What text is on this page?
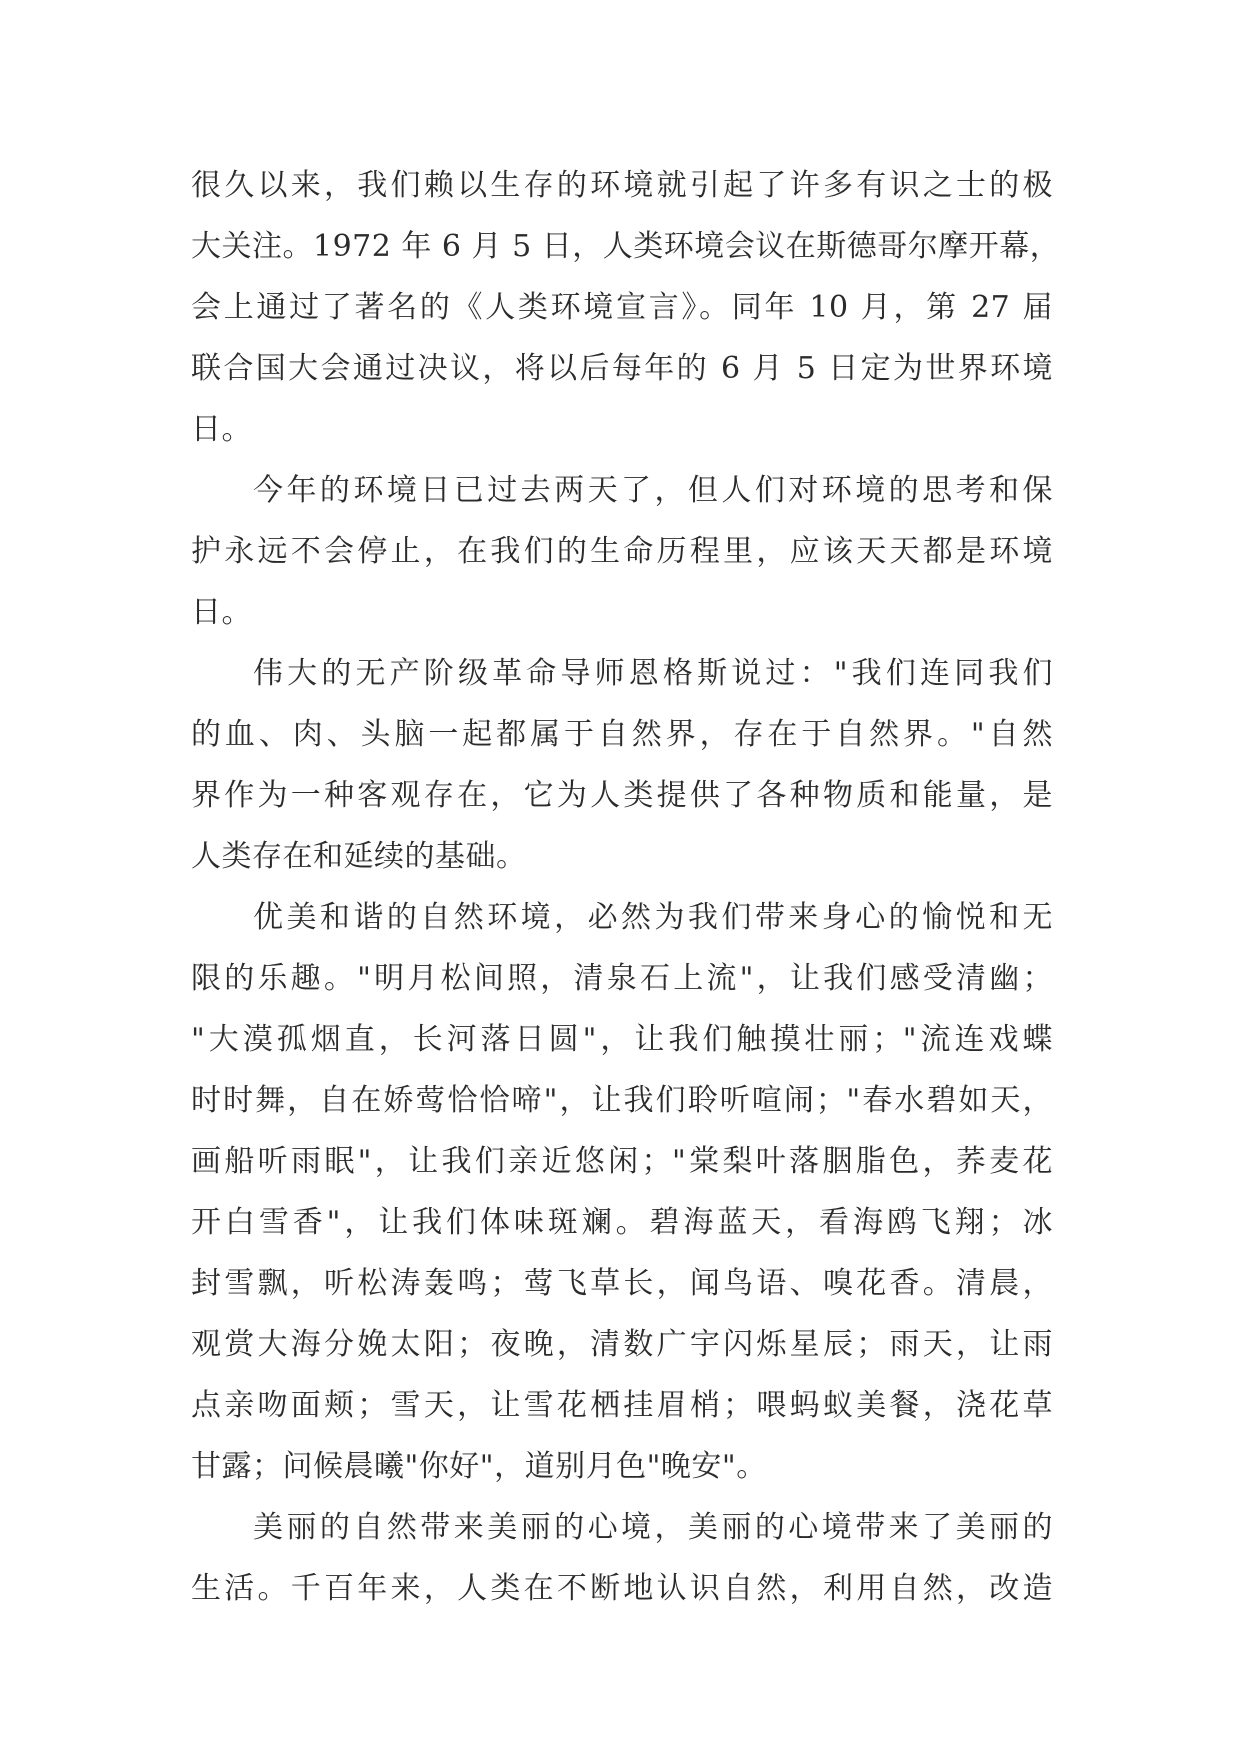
很久以来，我们赖以生存的环境就引起了许多有识之士的极
大关注。1972 年 6 月 5 日，人类环境会议在斯德哥尔摩开幕，
会上通过了著名的《人类环境宣言》。同年 10 月，第 27 届
联合国大会通过决议，将以后每年的 6 月 5 日定为世界环境
日。
今年的环境日已过去两天了，但人们对环境的思考和保
护永远不会停止，在我们的生命历程里，应该天天都是环境
日。
伟大的无产阶级革命导师恩格斯说过："我们连同我们
的血、肉、头脑一起都属于自然界，存在于自然界。"自然
界作为一种客观存在，它为人类提供了各种物质和能量，是
人类存在和延续的基础。
优美和谐的自然环境，必然为我们带来身心的愉悦和无
限的乐趣。"明月松间照，清泉石上流"，让我们感受清幽；
"大漠孤烟直，长河落日圆"，让我们触摸壮丽；"流连戏蝶
时时舞，自在娇莺恰恰啼"，让我们聆听喧闹；"春水碧如天，
画船听雨眠"，让我们亲近悠闲；"棠梨叶落胭脂色，荞麦花
开白雪香"，让我们体味斑斓。碧海蓝天，看海鸥飞翔；冰
封雪飘，听松涛轰鸣；莺飞草长，闻鸟语、嗅花香。清晨，
观赏大海分娩太阳；夜晚，清数广宇闪烁星辰；雨天，让雨
点亲吻面颊；雪天，让雪花栖挂眉梢；喂蚂蚁美餐，浇花草
甘露；问候晨曦"你好"，道别月色"晚安"。
美丽的自然带来美丽的心境，美丽的心境带来了美丽的
生活。千百年来，人类在不断地认识自然，利用自然，改造
